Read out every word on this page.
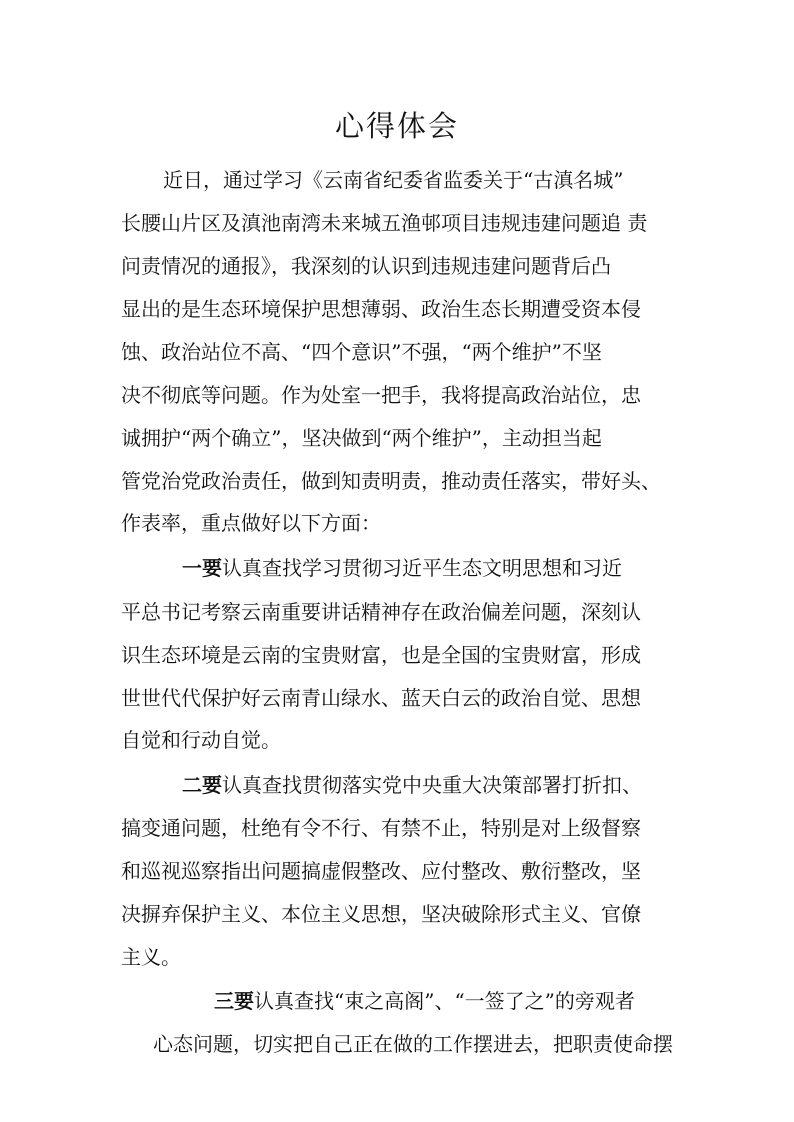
心得体会
近日，通过学习《云南省纪委省监委关于“古滇名城”
长腰山片区及滇池南湾未来城五渔邨项目违规违建问题追 责
问责情况的通报》，我深刻的认识到违规违建问题背后凸
显出的是生态环境保护思想薄弱、政治生态长期遭受资本侵
蚀、政治站位不高、“四个意识”不强，“两个维护”不坚
决不彻底等问题。作为处室一把手，我将提高政治站位，忠
诚拥护“两个确立”，坚决做到“两个维护”，主动担当起
管党治党政治责任，做到知责明责，推动责任落实，带好头、
作表率，重点做好以下方面：
一要认真查找学习贯彻习近平生态文明思想和习近
平总书记考察云南重要讲话精神存在政治偏差问题，深刻认
识生态环境是云南的宝贵财富，也是全国的宝贵财富，形成
世世代代保护好云南青山绿水、蓝天白云的政治自觉、思想
自觉和行动自觉。
二要认真查找贯彻落实党中央重大决策部署打折扣、
搞变通问题，杜绝有令不行、有禁不止，特别是对上级督察
和巡视巡察指出问题搞虚假整改、应付整改、敷衍整改，坚
决摒弃保护主义、本位主义思想，坚决破除形式主义、官僚
主义。
三要认真查找“束之高阁”、“一签了之”的旁观者
心态问题，切实把自己正在做的工作摆进去，把职责使命摆
